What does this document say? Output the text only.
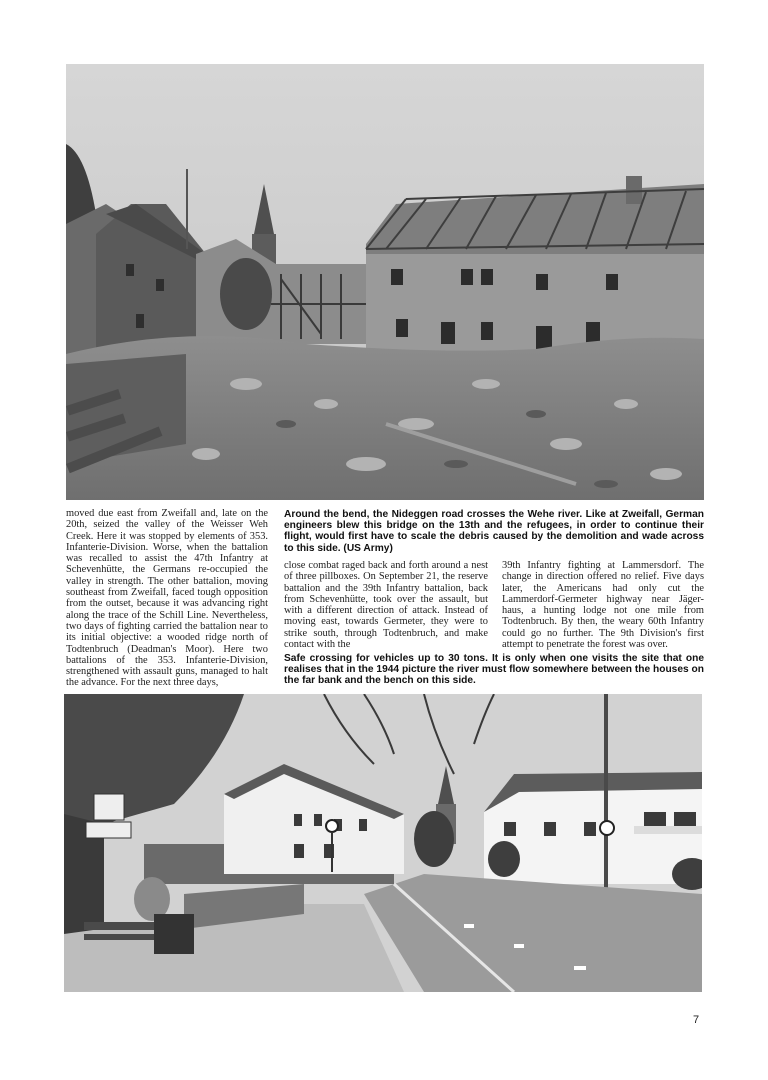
moved due east from Zweifall and, late on the 20th, seized the valley of the Weisser Weh Creek. Here it was stopped by elements of 353. Infanterie-Division. Worse, when the battalion was recalled to assist the 47th Infantry at Schevenhütte, the Germans re-occupied the valley in strength. The other battalion, moving southeast from Zweifall, faced tough opposition from the outset, because it was advancing right along the trace of the Schill Line. Nevertheless, two days of fighting carried the battalion near to its initial objective: a wooded ridge north of Todtenbruch (Deadman's Moor). Here two battalions of the 353. Infanterie-Division, strengthened with assault guns, managed to halt the advance. For the next three days,
Around the bend, the Nideggen road crosses the Wehe river. Like at Zweifall, German engineers blew this bridge on the 13th and the refugees, in order to continue their flight, would first have to scale the debris caused by the demolition and wade across to this side. (US Army)
close combat raged back and forth around a nest of three pillboxes. On September 21, the reserve battalion and the 39th Infantry battalion, back from Schevenhütte, took over the assault, but with a different direction of attack. Instead of moving east, towards Germeter, they were to strike south, through Todtenbruch, and make contact with the
39th Infantry fighting at Lammersdorf. The change in direction offered no relief. Five days later, the Americans had only cut the Lammerdorf-Germeter highway near Jäger-haus, a hunting lodge not one mile from Todtenbruch. By then, the weary 60th Infantry could go no further. The 9th Division's first attempt to penetrate the forest was over.
Safe crossing for vehicles up to 30 tons. It is only when one visits the site that one realises that in the 1944 picture the river must flow somewhere between the houses on the far bank and the bench on this side.
7
